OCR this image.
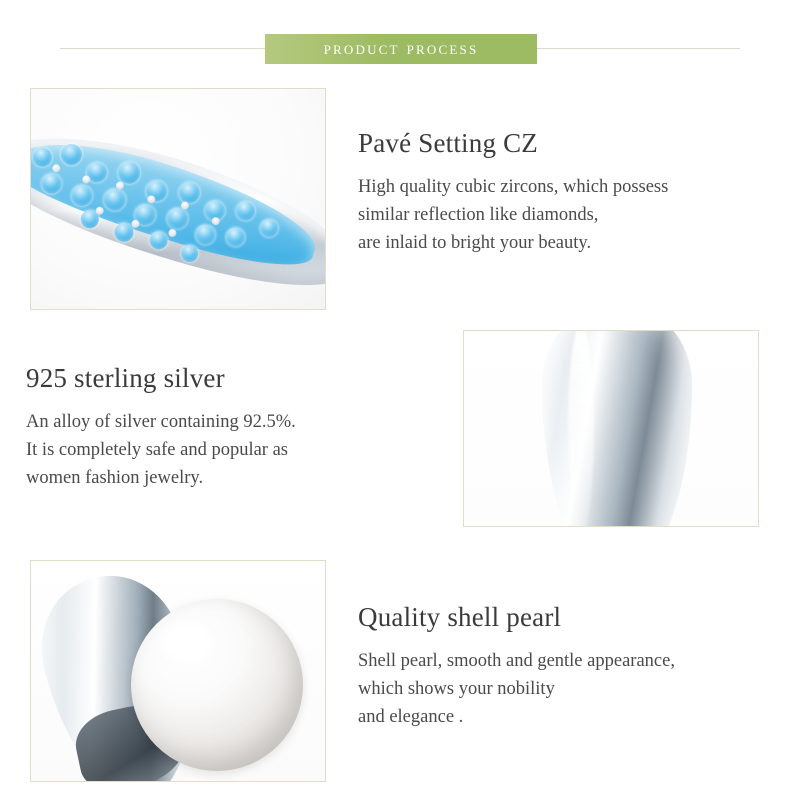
product process
Pavé Setting CZ

High quality cubic zircons, which possess

similar reflection like diamonds,

are inlaid to bright your beauty.

925 sterling silver

An alloy of silver containing 92.5%.

It is completely safe and popular as

women fashion jewelry.

Quality shell pearl

Shell pearl, smooth and gentle appearance,

which shows your nobility

and elegance .
